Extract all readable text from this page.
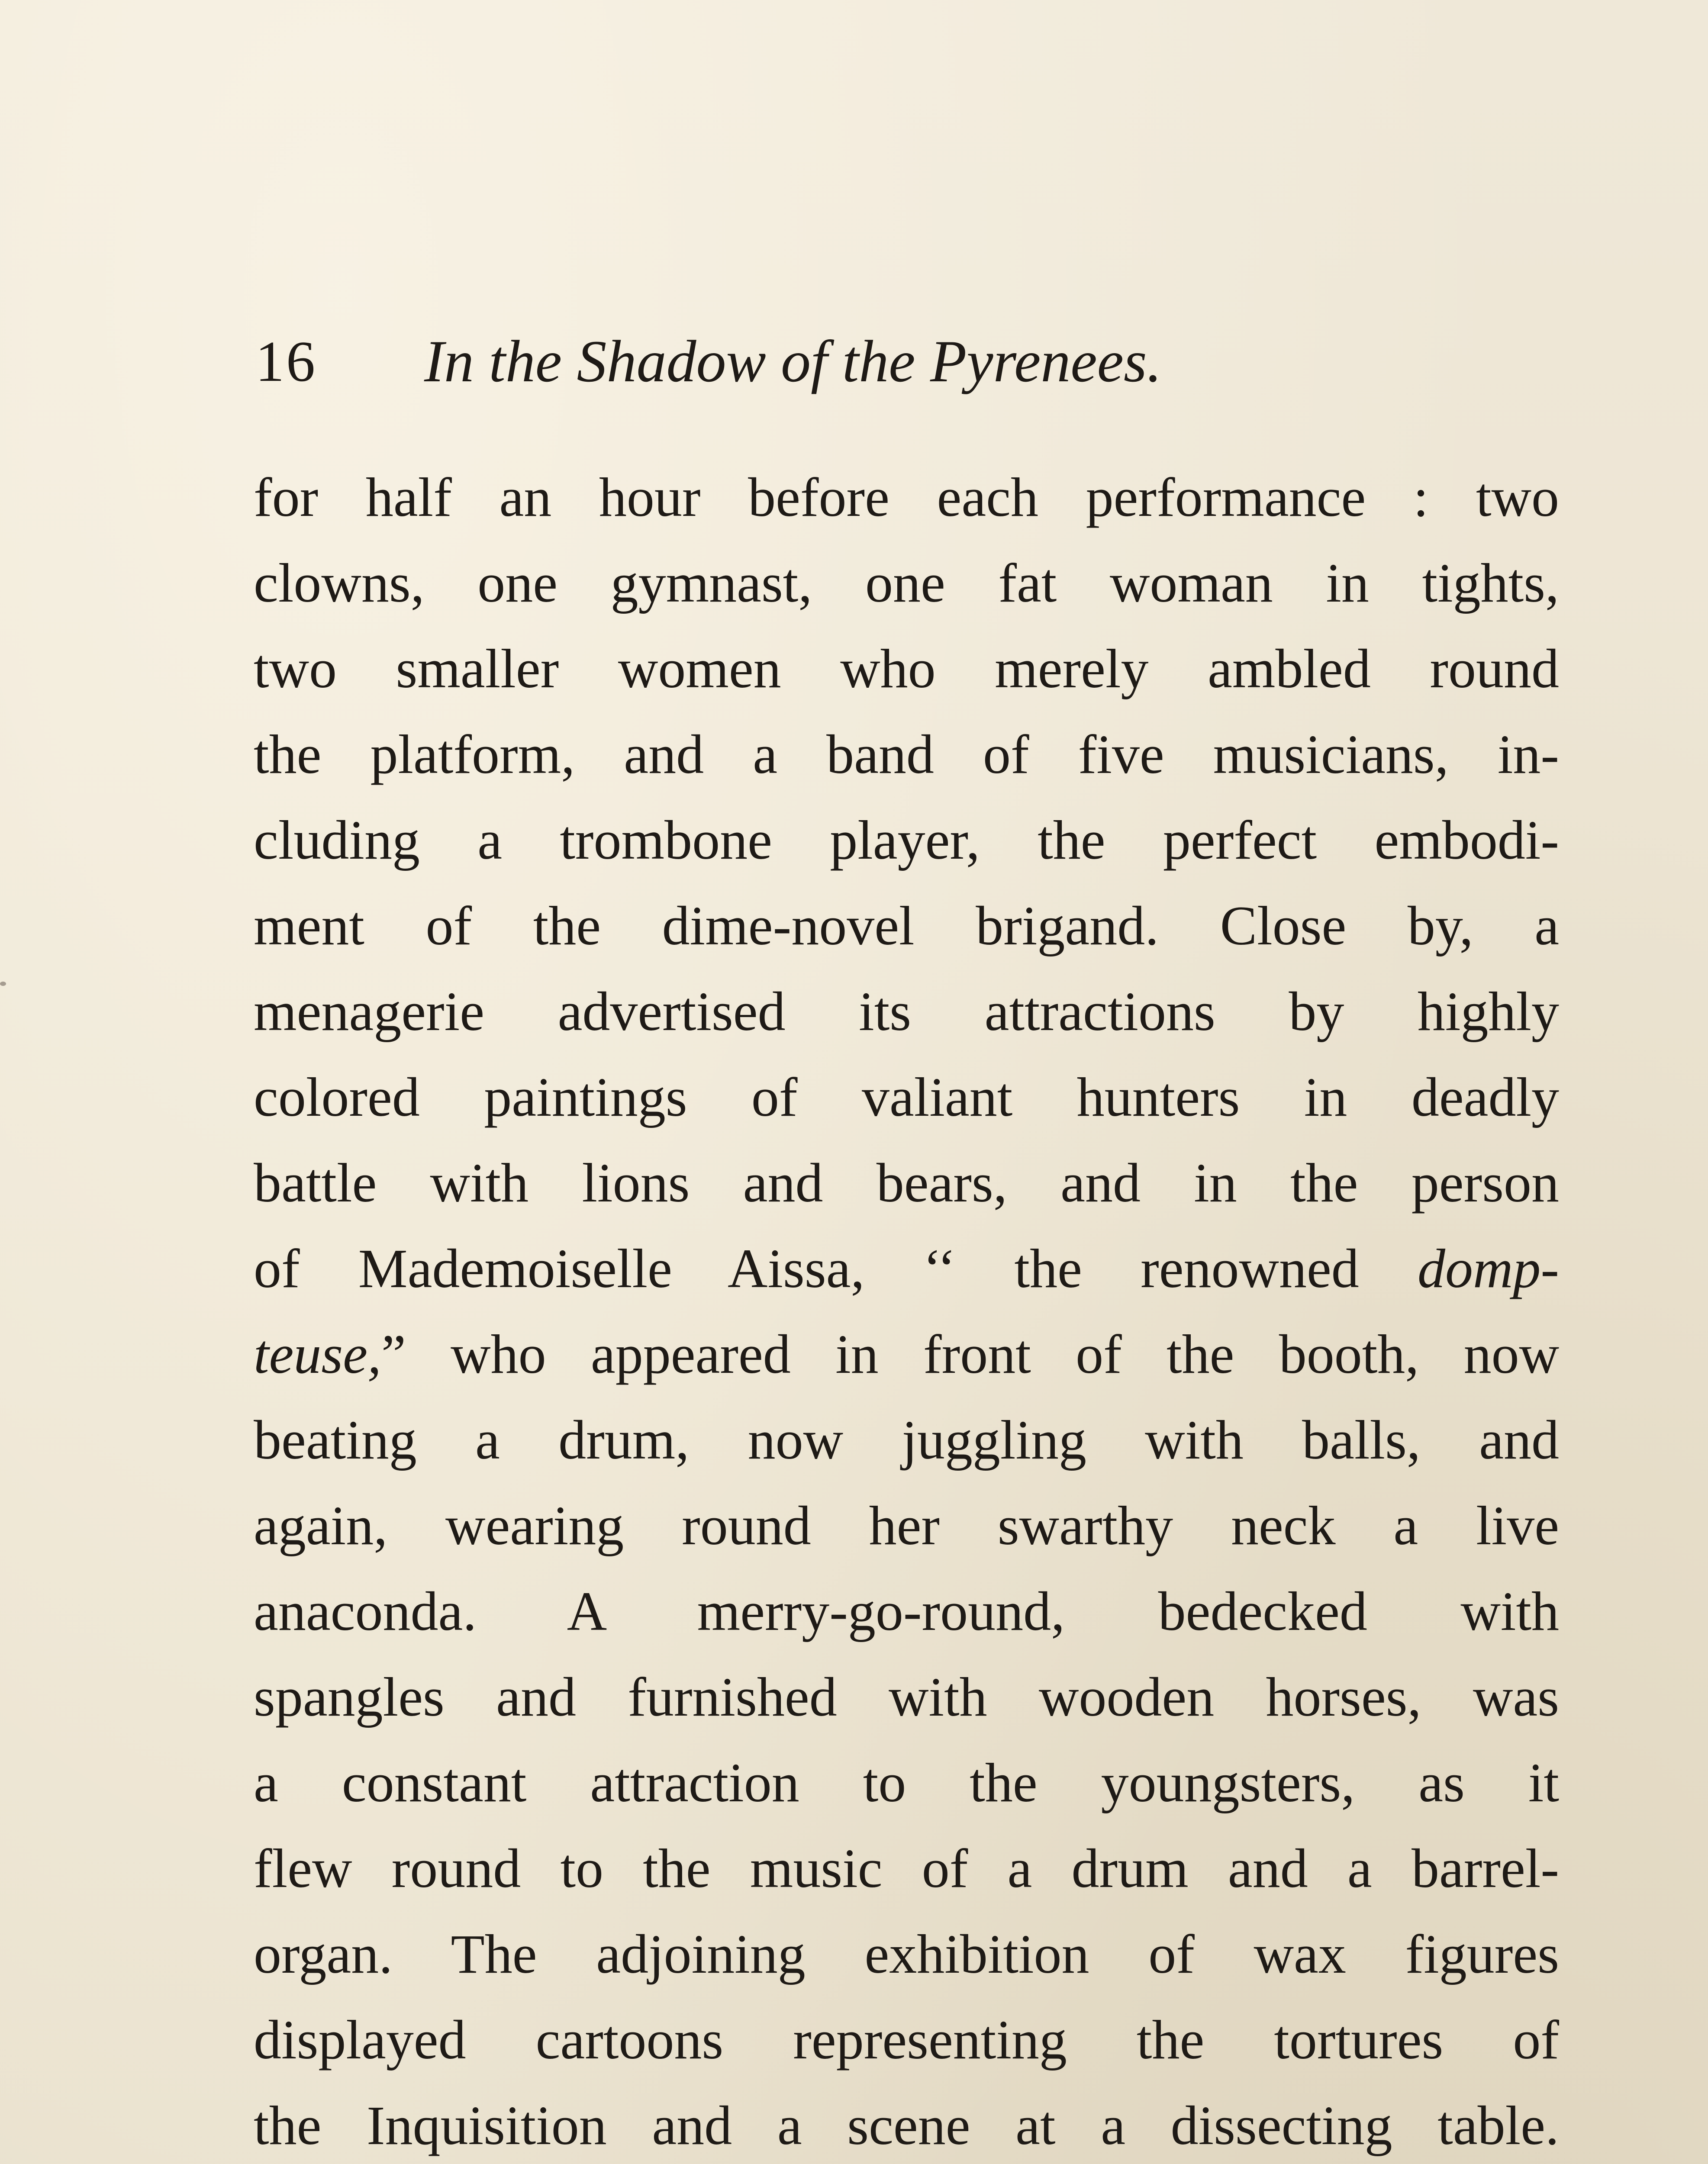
16 In the Shadow of the Pyrenees.
for half an hour before each performance : two
clowns, one gymnast, one fat woman in tights,
two smaller women who merely ambled round
the platform, and a band of five musicians, in-
cluding a trombone player, the perfect embodi-
ment of the dime-novel brigand. Close by, a
menagerie advertised its attractions by highly
colored paintings of valiant hunters in deadly
battle with lions and bears, and in the person
of Mademoiselle Aissa, ‘‘ the renowned domp-
teuse,” who appeared in front of the booth, now
beating a drum, now juggling with balls, and
again, wearing round her swarthy neck a live
anaconda. A merry-go-round, bedecked with
spangles and furnished with wooden horses, was
a constant attraction to the youngsters, as it
flew round to the music of a drum and a barrel-
organ. The adjoining exhibition of wax figures
displayed cartoons representing the tortures of
the Inquisition and a scene at a dissecting table.
